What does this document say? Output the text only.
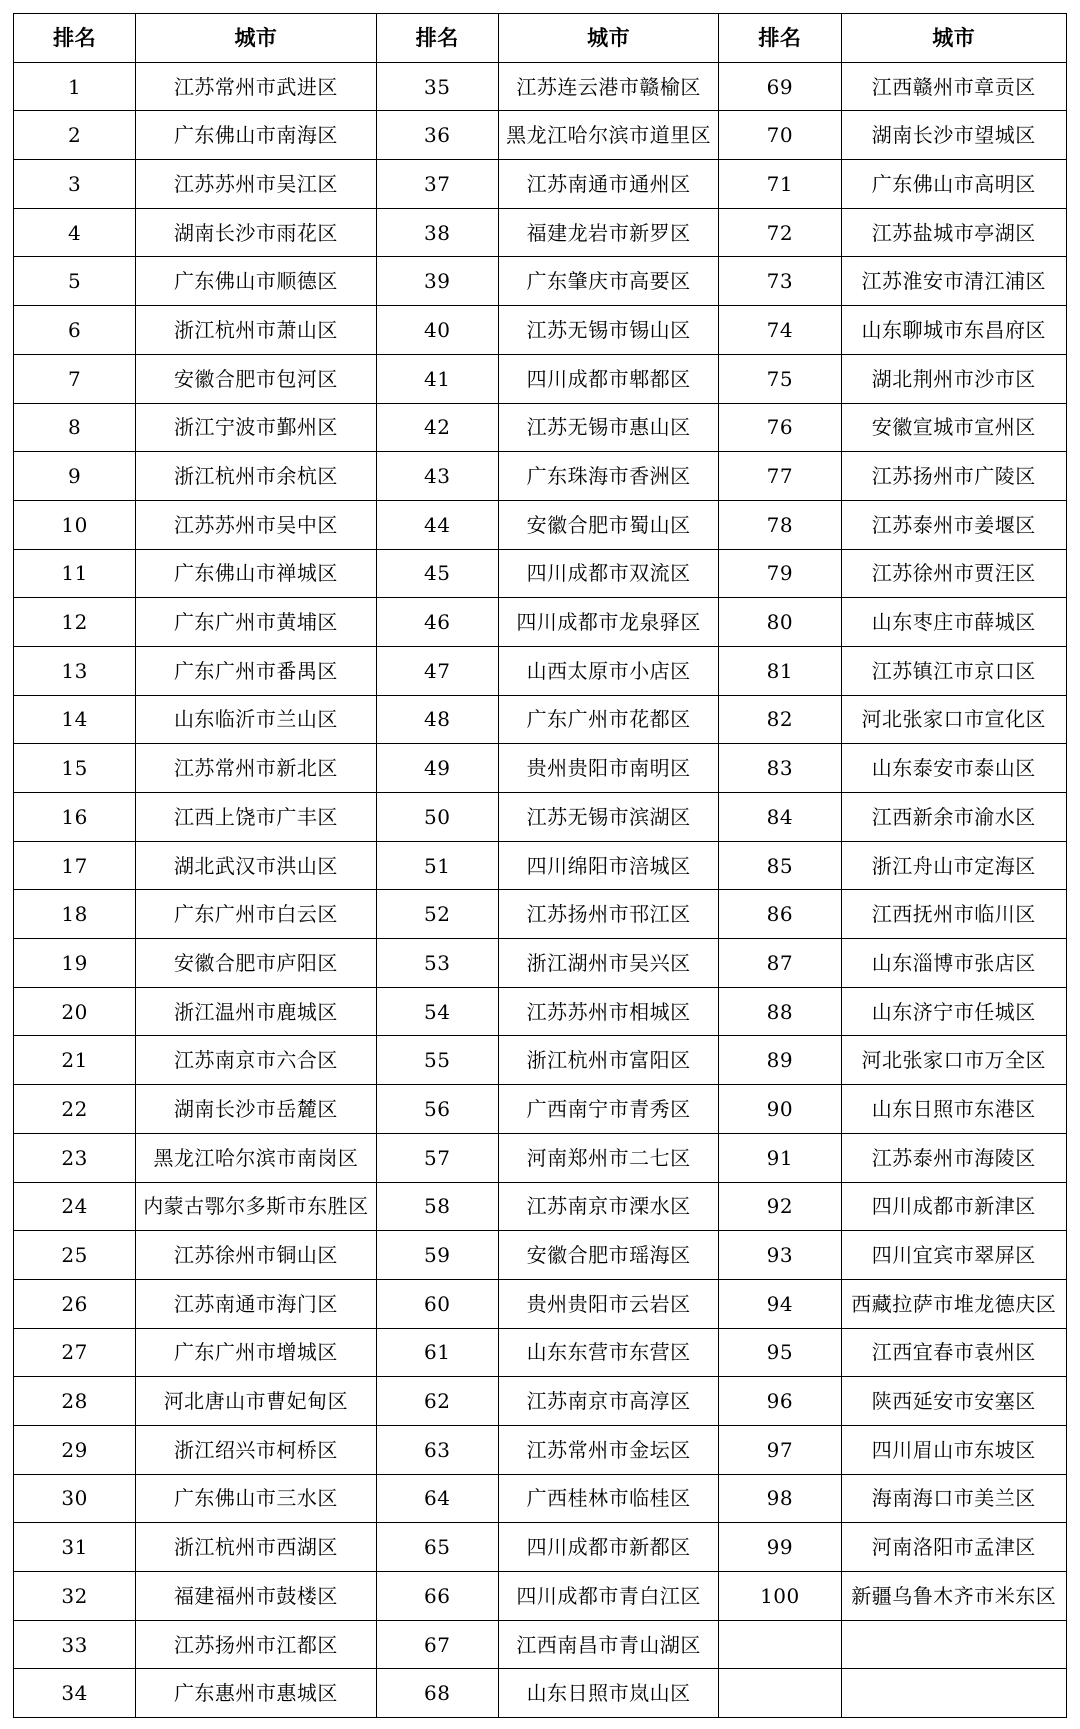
排名	城市	排名	城市	排名	城市
1	江苏常州市武进区	35	江苏连云港市赣榆区	69	江西赣州市章贡区
2	广东佛山市南海区	36	黑龙江哈尔滨市道里区	70	湖南长沙市望城区
3	江苏苏州市吴江区	37	江苏南通市通州区	71	广东佛山市高明区
4	湖南长沙市雨花区	38	福建龙岩市新罗区	72	江苏盐城市亭湖区
5	广东佛山市顺德区	39	广东肇庆市高要区	73	江苏淮安市清江浦区
6	浙江杭州市萧山区	40	江苏无锡市锡山区	74	山东聊城市东昌府区
7	安徽合肥市包河区	41	四川成都市郫都区	75	湖北荆州市沙市区
8	浙江宁波市鄞州区	42	江苏无锡市惠山区	76	安徽宣城市宣州区
9	浙江杭州市余杭区	43	广东珠海市香洲区	77	江苏扬州市广陵区
10	江苏苏州市吴中区	44	安徽合肥市蜀山区	78	江苏泰州市姜堰区
11	广东佛山市禅城区	45	四川成都市双流区	79	江苏徐州市贾汪区
12	广东广州市黄埔区	46	四川成都市龙泉驿区	80	山东枣庄市薛城区
13	广东广州市番禺区	47	山西太原市小店区	81	江苏镇江市京口区
14	山东临沂市兰山区	48	广东广州市花都区	82	河北张家口市宣化区
15	江苏常州市新北区	49	贵州贵阳市南明区	83	山东泰安市泰山区
16	江西上饶市广丰区	50	江苏无锡市滨湖区	84	江西新余市渝水区
17	湖北武汉市洪山区	51	四川绵阳市涪城区	85	浙江舟山市定海区
18	广东广州市白云区	52	江苏扬州市邗江区	86	江西抚州市临川区
19	安徽合肥市庐阳区	53	浙江湖州市吴兴区	87	山东淄博市张店区
20	浙江温州市鹿城区	54	江苏苏州市相城区	88	山东济宁市任城区
21	江苏南京市六合区	55	浙江杭州市富阳区	89	河北张家口市万全区
22	湖南长沙市岳麓区	56	广西南宁市青秀区	90	山东日照市东港区
23	黑龙江哈尔滨市南岗区	57	河南郑州市二七区	91	江苏泰州市海陵区
24	内蒙古鄂尔多斯市东胜区	58	江苏南京市溧水区	92	四川成都市新津区
25	江苏徐州市铜山区	59	安徽合肥市瑶海区	93	四川宜宾市翠屏区
26	江苏南通市海门区	60	贵州贵阳市云岩区	94	西藏拉萨市堆龙德庆区
27	广东广州市增城区	61	山东东营市东营区	95	江西宜春市袁州区
28	河北唐山市曹妃甸区	62	江苏南京市高淳区	96	陕西延安市安塞区
29	浙江绍兴市柯桥区	63	江苏常州市金坛区	97	四川眉山市东坡区
30	广东佛山市三水区	64	广西桂林市临桂区	98	海南海口市美兰区
31	浙江杭州市西湖区	65	四川成都市新都区	99	河南洛阳市孟津区
32	福建福州市鼓楼区	66	四川成都市青白江区	100	新疆乌鲁木齐市米东区
33	江苏扬州市江都区	67	江西南昌市青山湖区		
34	广东惠州市惠城区	68	山东日照市岚山区		
